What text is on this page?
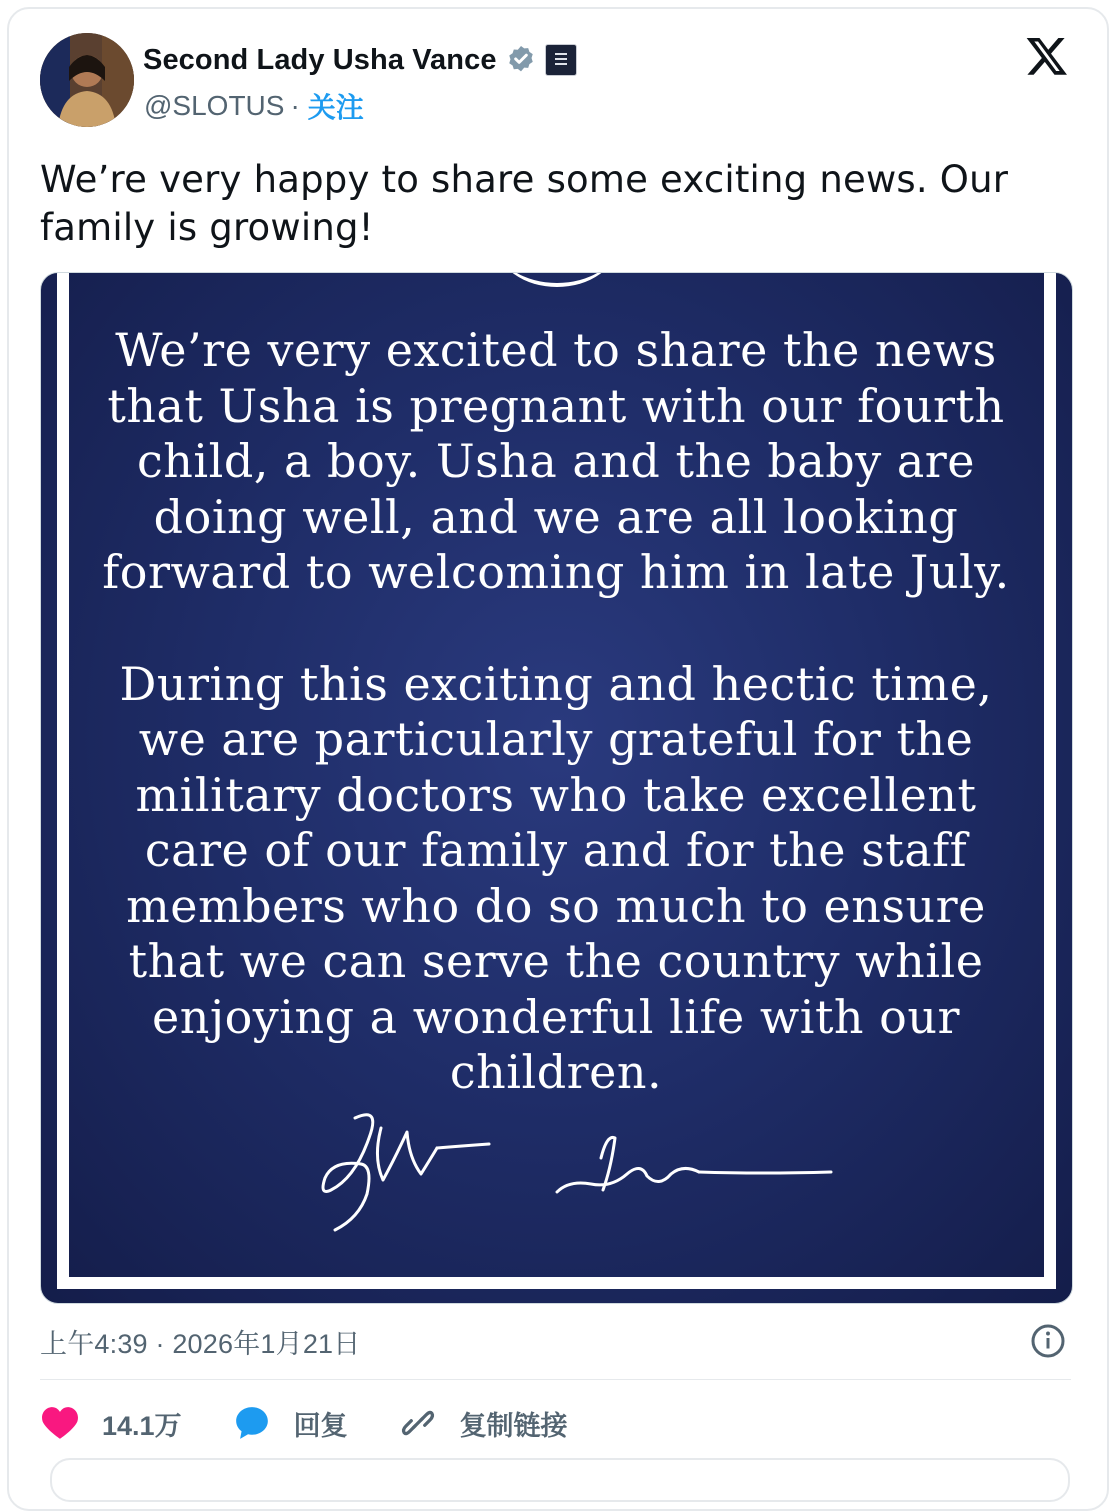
Second Lady Usha Vance
@SLOTUS · 关注
We’re very happy to share some exciting news. Our family is growing!

We’re very excited to share the news that Usha is pregnant with our fourth child, a boy. Usha and the baby are doing well, and we are all looking forward to welcoming him in late July.

During this exciting and hectic time, we are particularly grateful for the military doctors who take excellent care of our family and for the staff members who do so much to ensure that we can serve the country while enjoying a wonderful life with our children.

上午4:39 · 2026年1月21日
14.1万	回复	复制链接
